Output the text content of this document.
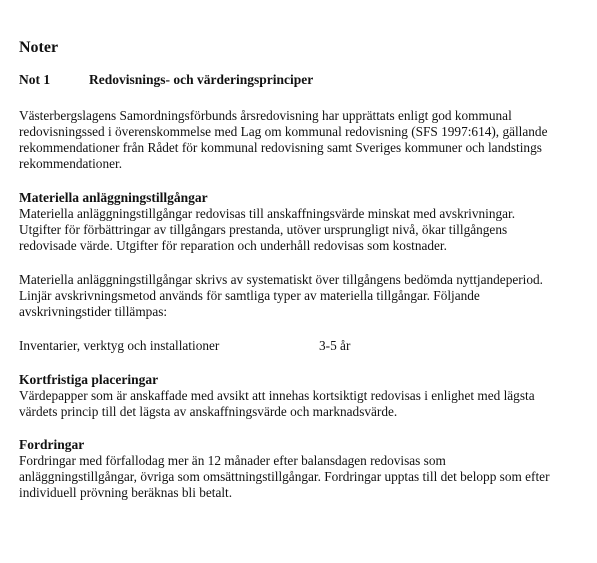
Noter
Not 1	Redovisnings- och värderingsprinciper
Västerbergslagens Samordningsförbunds årsredovisning har upprättats enligt god kommunal
redovisningssed i överenskommelse med Lag om kommunal redovisning (SFS 1997:614), gällande
rekommendationer från Rådet för kommunal redovisning samt Sveriges kommuner och landstings
rekommendationer.
Materiella anläggningstillgångar
Materiella anläggningstillgångar redovisas till anskaffningsvärde minskat med avskrivningar.
Utgifter för förbättringar av tillgångars prestanda, utöver ursprungligt nivå, ökar tillgångens
redovisade värde. Utgifter för reparation och underhåll redovisas som kostnader.
Materiella anläggningstillgångar skrivs av systematiskt över tillgångens bedömda nyttjandeperiod.
Linjär avskrivningsmetod används för samtliga typer av materiella tillgångar. Följande
avskrivningstider tillämpas:
Inventarier, verktyg och installationer	3-5 år
Kortfristiga placeringar
Värdepapper som är anskaffade med avsikt att innehas kortsiktigt redovisas i enlighet med lägsta
värdets princip till det lägsta av anskaffningsvärde och marknadsvärde.
Fordringar
Fordringar med förfallodag mer än 12 månader efter balansdagen redovisas som
anläggningstillgångar, övriga som omsättningstillgångar. Fordringar upptas till det belopp som efter
individuell prövning beräknas bli betalt.
